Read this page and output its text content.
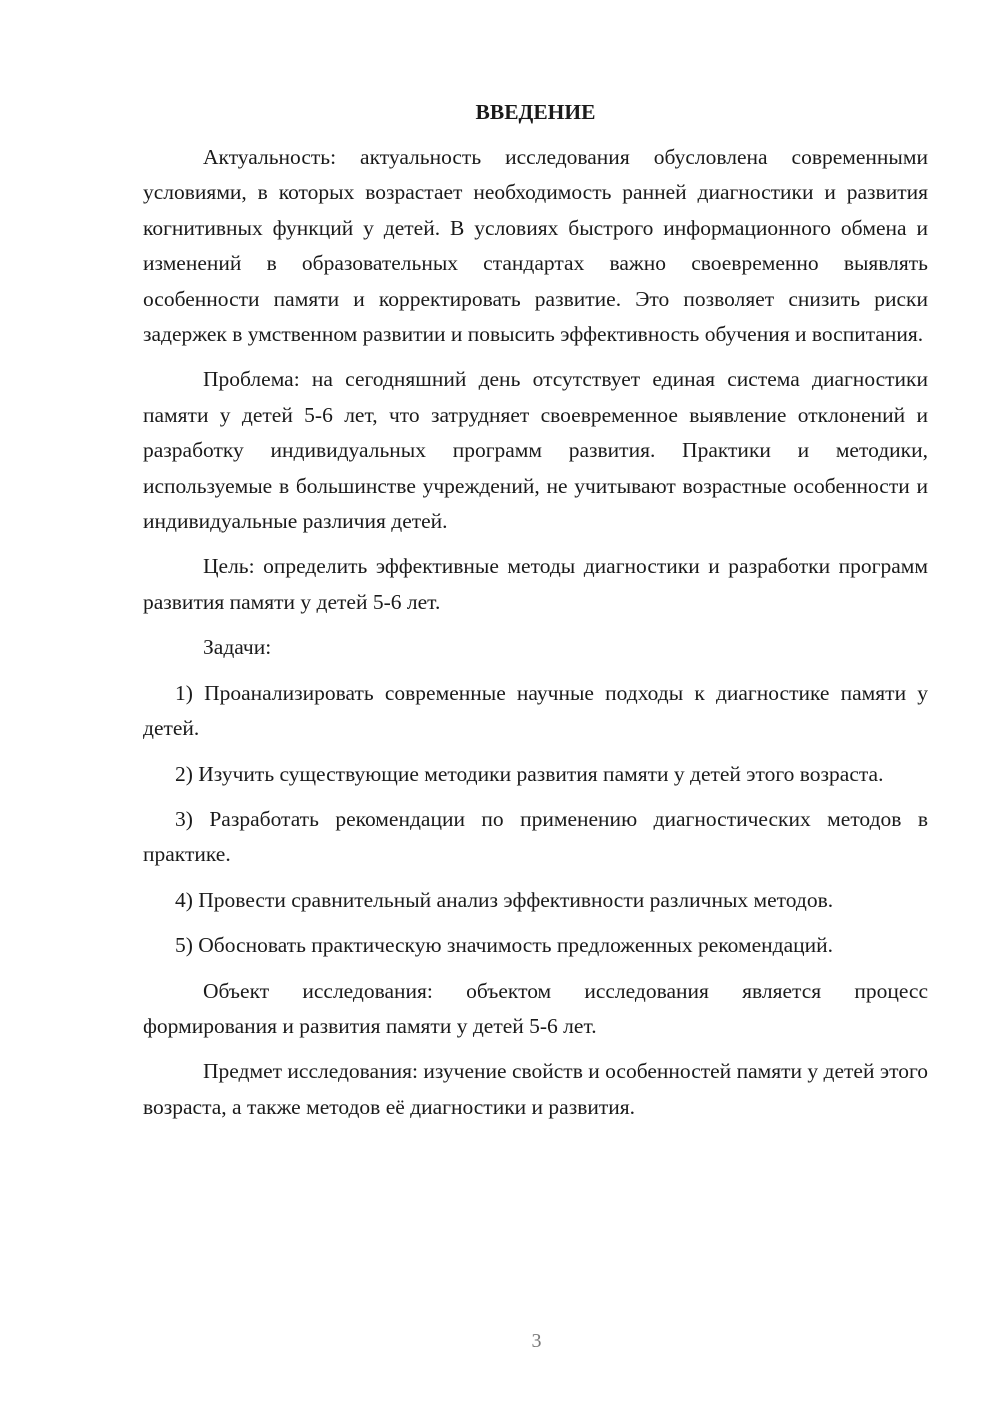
ВВЕДЕНИЕ
Актуальность: актуальность исследования обусловлена современными условиями, в которых возрастает необходимость ранней диагностики и развития когнитивных функций у детей. В условиях быстрого информационного обмена и изменений в образовательных стандартах важно своевременно выявлять особенности памяти и корректировать развитие. Это позволяет снизить риски задержек в умственном развитии и повысить эффективность обучения и воспитания.
Проблема: на сегодняшний день отсутствует единая система диагностики памяти у детей 5-6 лет, что затрудняет своевременное выявление отклонений и разработку индивидуальных программ развития. Практики и методики, используемые в большинстве учреждений, не учитывают возрастные особенности и индивидуальные различия детей.
Цель: определить эффективные методы диагностики и разработки программ развития памяти у детей 5-6 лет.
Задачи:
1) Проанализировать современные научные подходы к диагностике памяти у детей.
2) Изучить существующие методики развития памяти у детей этого возраста.
3) Разработать рекомендации по применению диагностических методов в практике.
4) Провести сравнительный анализ эффективности различных методов.
5) Обосновать практическую значимость предложенных рекомендаций.
Объект исследования: объектом исследования является процесс формирования и развития памяти у детей 5-6 лет.
Предмет исследования: изучение свойств и особенностей памяти у детей этого возраста, а также методов её диагностики и развития.
3
